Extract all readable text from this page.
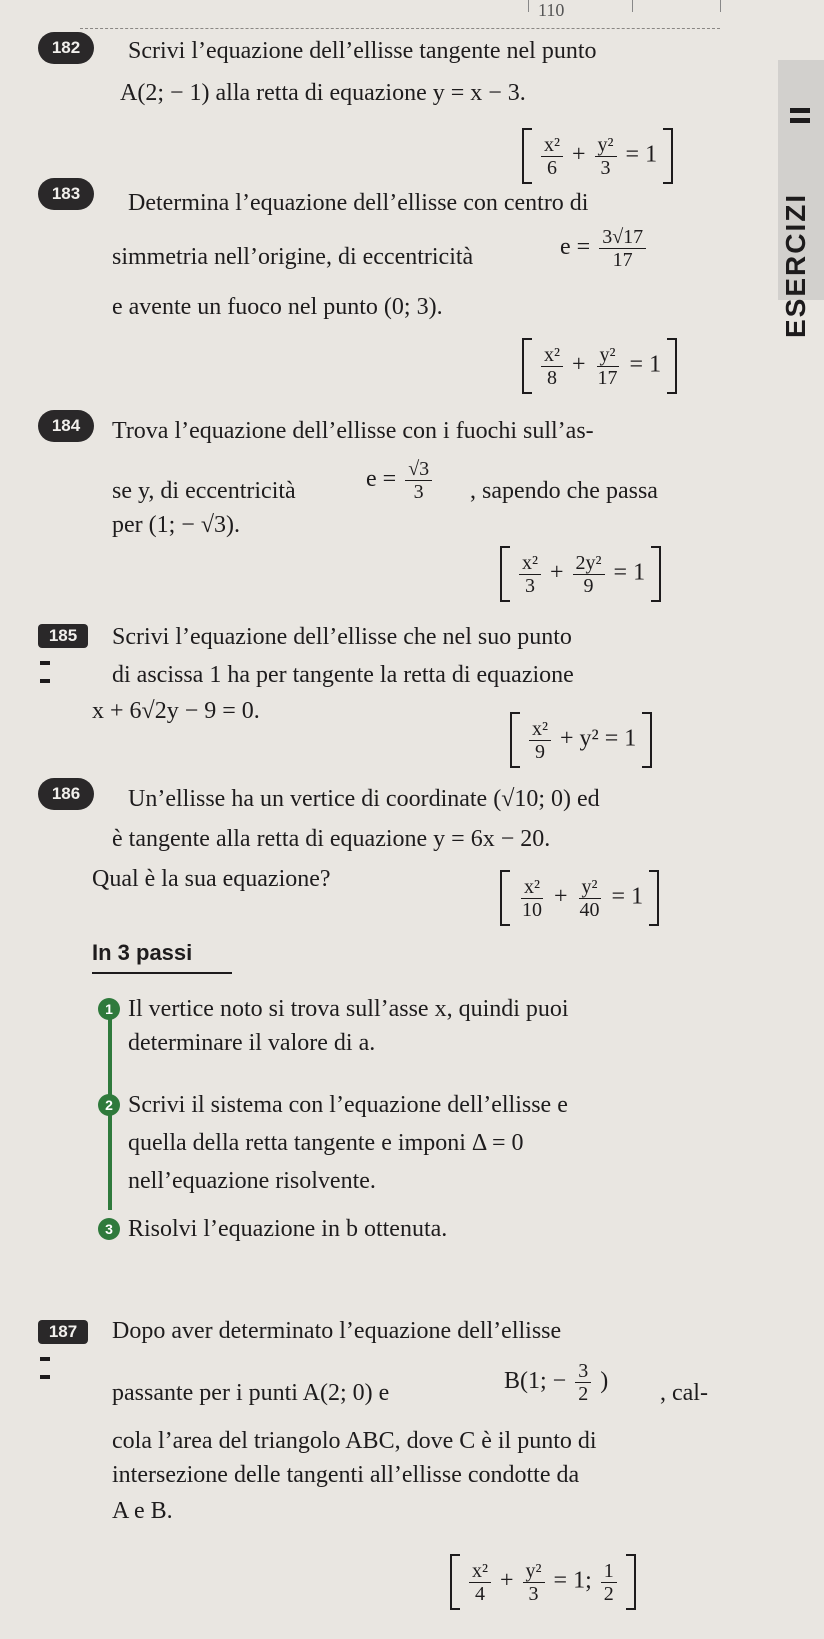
110
ESERCIZI
182	Scrivi l’equazione dell’ellisse tangente nel punto
A(2; − 1) alla retta di equazione y = x − 3.

$\frac{\text{x²}}{6} + \frac{\text{y²}}{3} = 1$
183	Determina l’equazione dell’ellisse con centro di
simmetria nell’origine, di eccentricità	$e = \frac{3√17}{17}$
e avente un fuoco nel punto (0; 3).

$\frac{\text{x²}}{8} + \frac{\text{y²}}{17} = 1$
184	Trova l’equazione dell’ellisse con i fuochi sull’as-
se y, di eccentricità	$e = \frac{√3}{3}$ , sapendo che passa
per (1; − √3).

$\frac{\text{x²}}{3} + \frac{\text{2y²}}{9} = 1$
185	Scrivi l’equazione dell’ellisse che nel suo punto
di ascissa 1 ha per tangente la retta di equazione
x + 6√2y − 9 = 0.

$\frac{\text{x²}}{9} + y^2 = 1$
186	Un’ellisse ha un vertice di coordinate (√10; 0) ed
è tangente alla retta di equazione y = 6x − 20.
Qual è la sua equazione?
	$\frac{\text{x²}}{10} + \frac{\text{y²}}{40} = 1$
In 3 passi
1 Il vertice noto si trova sull’asse x, quindi puoi
determinare il valore di a.
2 Scrivi il sistema con l’equazione dell’ellisse e
quella della retta tangente e imponi Δ = 0
nell’equazione risolvente.
3 Risolvi l’equazione in b ottenuta.
187	Dopo aver determinato l’equazione dell’ellisse
passante per i punti A(2; 0) e	B(1; − $\frac{3}{2}$ ) , cal-
cola l’area del triangolo ABC, dove C è il punto di
intersezione delle tangenti all’ellisse condotte da
A e B.

$\frac{\text{x²}}{4} + \frac{\text{y²}}{3} = 1$; $\frac{1}{2}$
